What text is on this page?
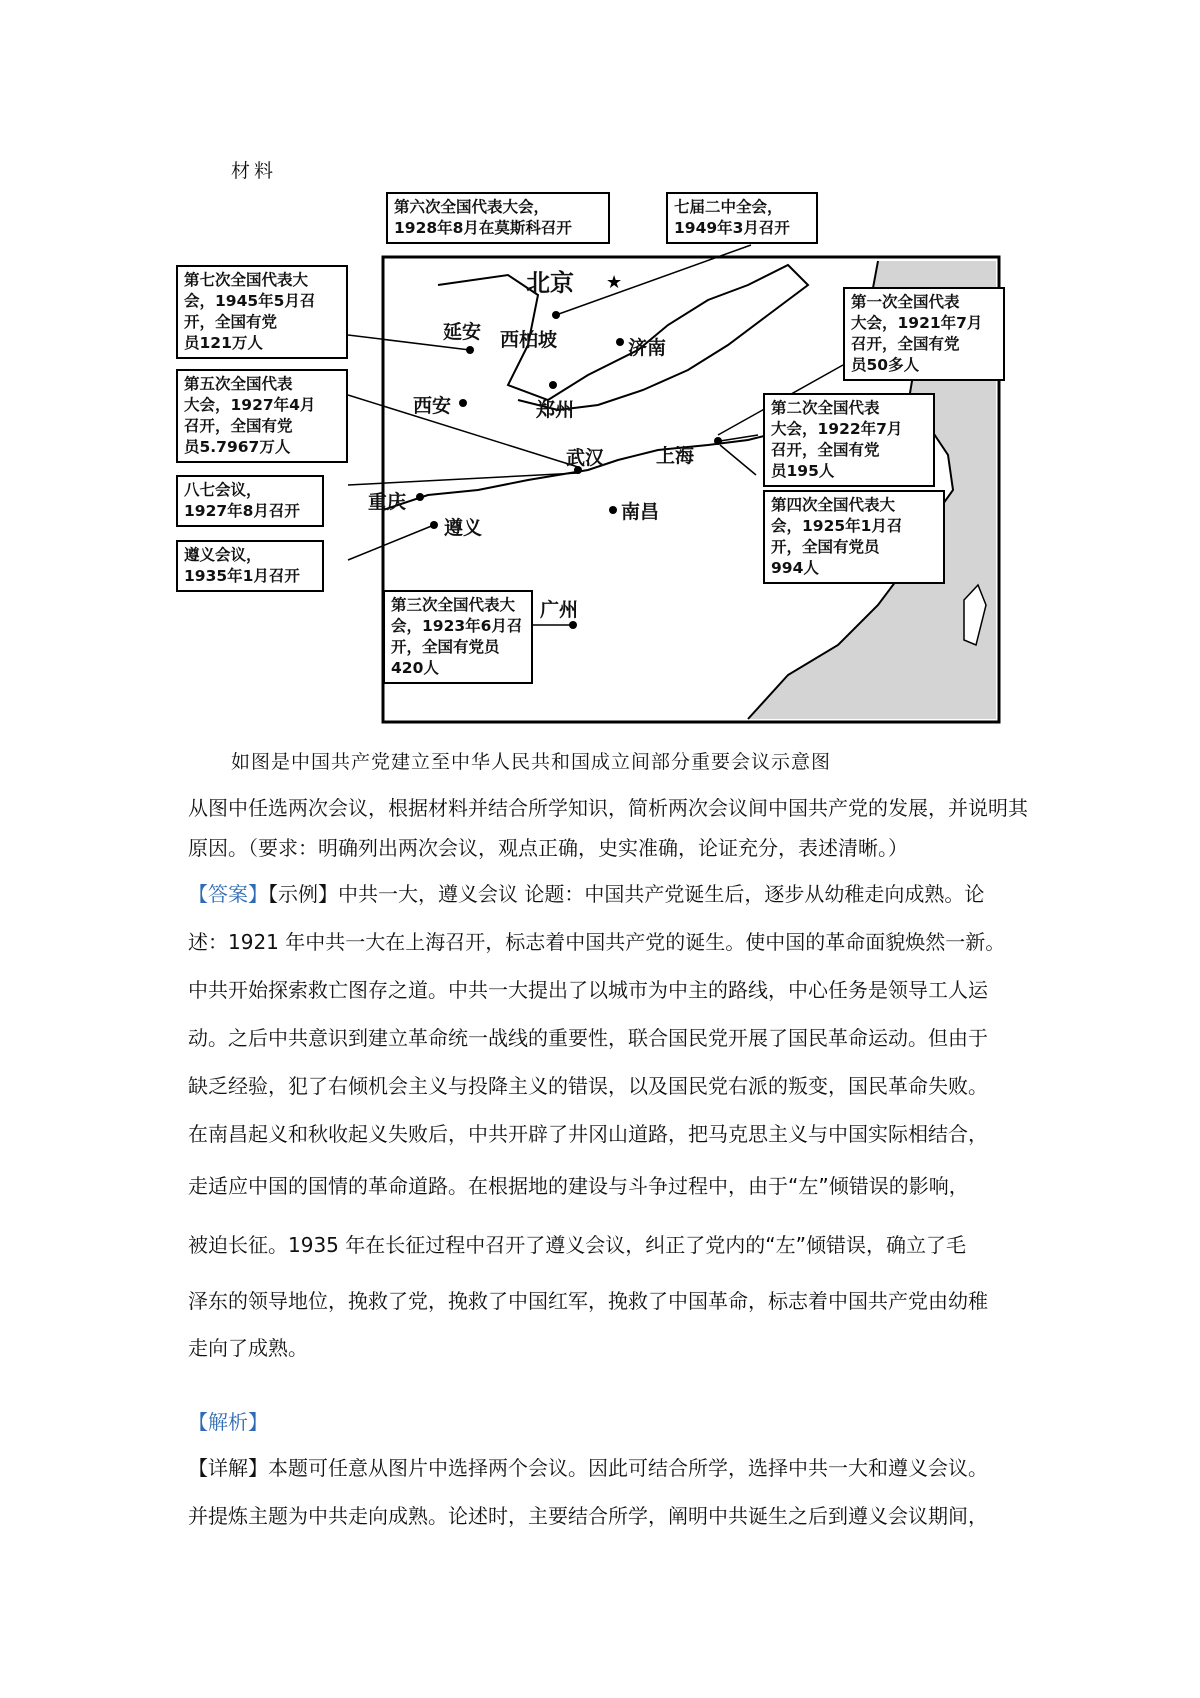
材料
★
第六次全国代表大会，
1928年8月在莫斯科召开
七届二中全会，
1949年3月召开
第七次全国代表大
会，1945年5月召
开，全国有党
员121万人
第一次全国代表
大会，1921年7月
召开，全国有党
员50多人
第五次全国代表
大会，1927年4月
召开，全国有党
员5.7967万人
第二次全国代表
大会，1922年7月
召开，全国有党
员195人
八七会议，
1927年8月召开	第四次全国代表大
会，1925年1月召
开，全国有党员
994人
遵义会议，
1935年1月召开
第三次全国代表大
会，1923年6月召
开，全国有党员
420人
北京
延安 西柏坡	济南
西安	郑州
武汉	上海
重庆
遵义
南昌
广州
如图是中国共产党建立至中华人民共和国成立间部分重要会议示意图
从图中任选两次会议，根据材料并结合所学知识，简析两次会议间中国共产党的发展，并说明其原因。（要求：明确列出两次会议，观点正确，史实准确，论证充分，表述清晰。）
【答案】【示例】中共一大，遵义会议 论题：中国共产党诞生后，逐步从幼稚走向成熟。论
述：1921 年中共一大在上海召开，标志着中国共产党的诞生。使中国的革命面貌焕然一新。
中共开始探索救亡图存之道。中共一大提出了以城市为中主的路线，中心任务是领导工人运
动。之后中共意识到建立革命统一战线的重要性，联合国民党开展了国民革命运动。但由于
缺乏经验，犯了右倾机会主义与投降主义的错误，以及国民党右派的叛变，国民革命失败。
在南昌起义和秋收起义失败后，中共开辟了井冈山道路，把马克思主义与中国实际相结合，
走适应中国的国情的革命道路。在根据地的建设与斗争过程中，由于“左”倾错误的影响，
被迫长征。1935 年在长征过程中召开了遵义会议，纠正了党内的“左”倾错误，确立了毛
泽东的领导地位，挽救了党，挽救了中国红军，挽救了中国革命，标志着中国共产党由幼稚
走向了成熟。
【解析】
【详解】本题可任意从图片中选择两个会议。因此可结合所学，选择中共一大和遵义会议。
并提炼主题为中共走向成熟。论述时，主要结合所学，阐明中共诞生之后到遵义会议期间，
